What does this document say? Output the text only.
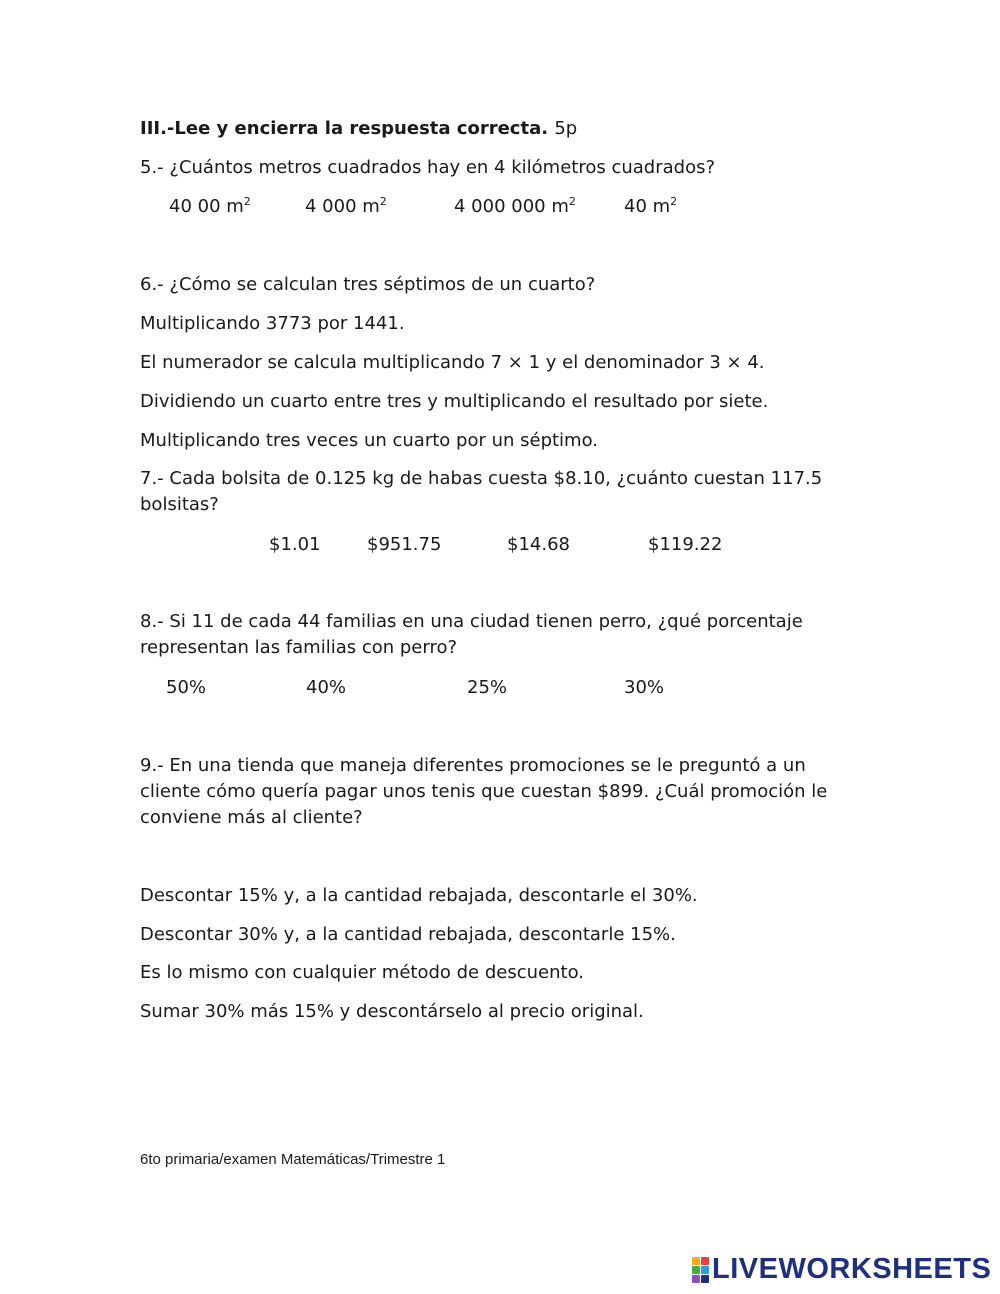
III.-Lee y encierra la respuesta correcta. 5p
5.- ¿Cuántos metros cuadrados hay en 4 kilómetros cuadrados?
40 00 $m^2$	4 000 $m^2$	4 000 000 $m^2$	40 $m^2$
6.- ¿Cómo se calculan tres séptimos de un cuarto?
Multiplicando 3773 por 1441.
El numerador se calcula multiplicando 7 × 1 y el denominador 3 × 4.
Dividiendo un cuarto entre tres y multiplicando el resultado por siete.
Multiplicando tres veces un cuarto por un séptimo.
7.- Cada bolsita de 0.125 kg de habas cuesta $8.10, ¿cuánto cuestan 117.5 bolsitas?
$1.01	$951.75	$14.68	$119.22
8.- Si 11 de cada 44 familias en una ciudad tienen perro, ¿qué porcentaje representan las familias con perro?
50%	40%	25%	30%
9.- En una tienda que maneja diferentes promociones se le preguntó a un cliente cómo quería pagar unos tenis que cuestan $899. ¿Cuál promoción le conviene más al cliente?
Descontar 15% y, a la cantidad rebajada, descontarle el 30%.
Descontar 30% y, a la cantidad rebajada, descontarle 15%.
Es lo mismo con cualquier método de descuento.
Sumar 30% más 15% y descontárselo al precio original.
6to primaria/examen Matemáticas/Trimestre 1
LIVEWORKSHEETS
